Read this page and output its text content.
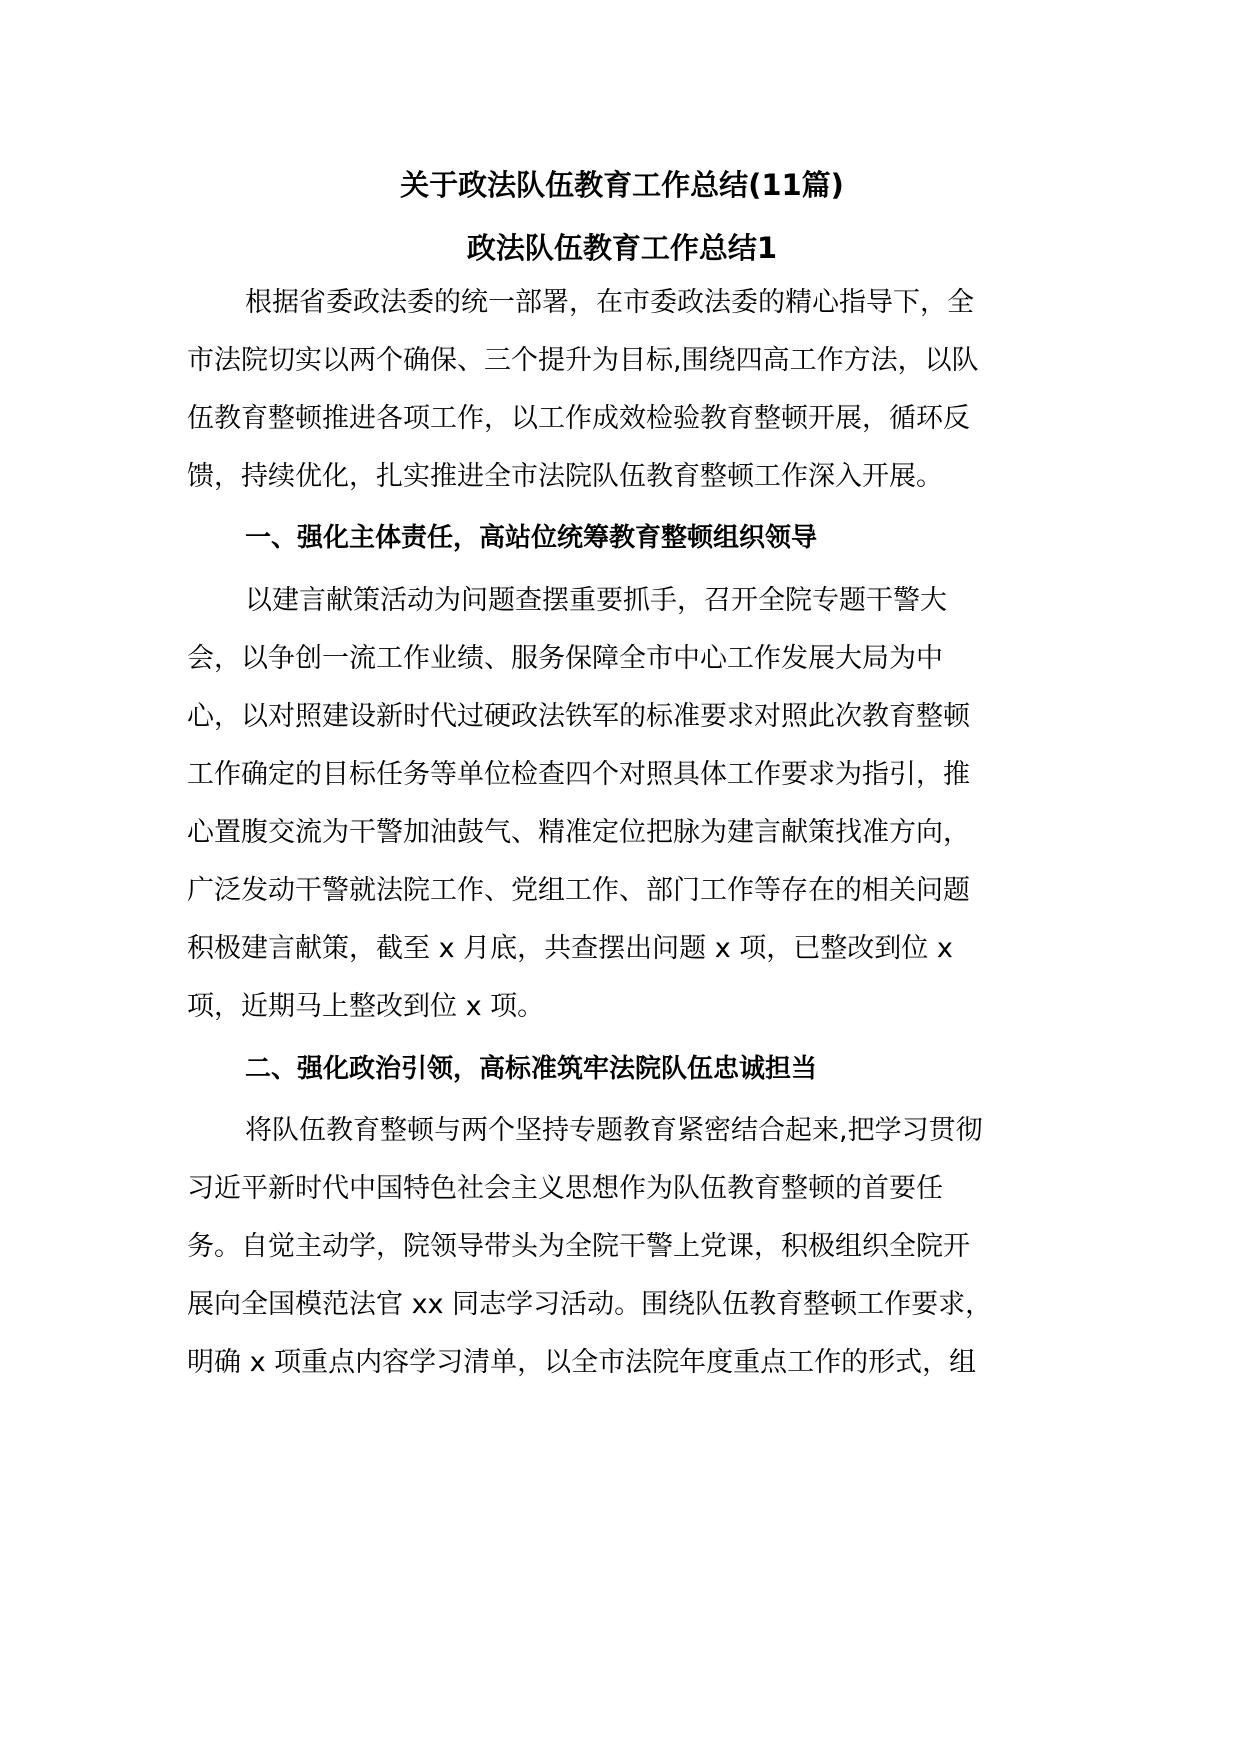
关于政法队伍教育工作总结(11篇)
政法队伍教育工作总结1
根据省委政法委的统一部署，在市委政法委的精心指导下，全
市法院切实以两个确保、三个提升为目标,围绕四高工作方法，以队
伍教育整顿推进各项工作，以工作成效检验教育整顿开展，循环反
馈，持续优化，扎实推进全市法院队伍教育整顿工作深入开展。
一、强化主体责任，高站位统筹教育整顿组织领导
以建言献策活动为问题查摆重要抓手，召开全院专题干警大
会，以争创一流工作业绩、服务保障全市中心工作发展大局为中
心，以对照建设新时代过硬政法铁军的标准要求对照此次教育整顿
工作确定的目标任务等单位检查四个对照具体工作要求为指引，推
心置腹交流为干警加油鼓气、精准定位把脉为建言献策找准方向，
广泛发动干警就法院工作、党组工作、部门工作等存在的相关问题
积极建言献策，截至 x 月底，共查摆出问题 x 项，已整改到位 x
项，近期马上整改到位 x 项。
二、强化政治引领，高标准筑牢法院队伍忠诚担当
将队伍教育整顿与两个坚持专题教育紧密结合起来,把学习贯彻
习近平新时代中国特色社会主义思想作为队伍教育整顿的首要任
务。自觉主动学，院领导带头为全院干警上党课，积极组织全院开
展向全国模范法官 xx 同志学习活动。围绕队伍教育整顿工作要求，
明确 x 项重点内容学习清单，以全市法院年度重点工作的形式，组
